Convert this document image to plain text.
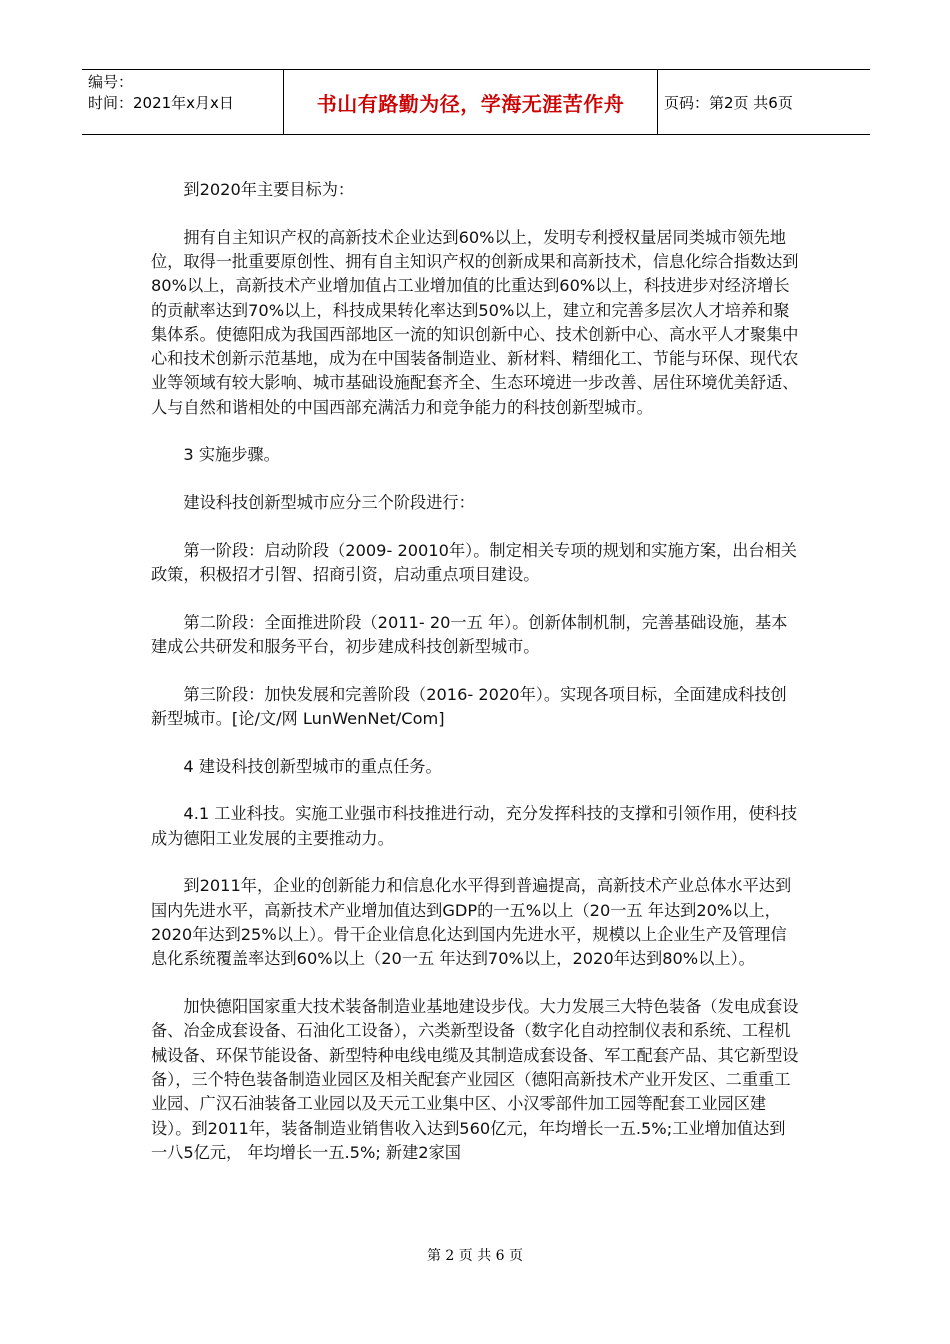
编号：
时间：2021年x月x日	书山有路勤为径，学海无涯苦作舟	页码：第2页 共6页

到2020年主要目标为：

拥有自主知识产权的高新技术企业达到60%以上，发明专利授权量居同类城市领先地位，取得一批重要原创性、拥有自主知识产权的创新成果和高新技术，信息化综合指数达到80%以上，高新技术产业增加值占工业增加值的比重达到60%以上，科技进步对经济增长的贡献率达到70%以上，科技成果转化率达到50%以上，建立和完善多层次人才培养和聚集体系。使德阳成为我国西部地区一流的知识创新中心、技术创新中心、高水平人才聚集中心和技术创新示范基地，成为在中国装备制造业、新材料、精细化工、节能与环保、现代农业等领域有较大影响、城市基础设施配套齐全、生态环境进一步改善、居住环境优美舒适、人与自然和谐相处的中国西部充满活力和竞争能力的科技创新型城市。

3 实施步骤。

建设科技创新型城市应分三个阶段进行：

第一阶段：启动阶段（2009- 20010年）。制定相关专项的规划和实施方案，出台相关政策，积极招才引智、招商引资，启动重点项目建设。

第二阶段：全面推进阶段（2011- 20一五 年）。创新体制机制，完善基础设施，基本建成公共研发和服务平台，初步建成科技创新型城市。

第三阶段：加快发展和完善阶段（2016- 2020年）。实现各项目标，全面建成科技创新型城市。[论/文/网 LunWenNet/Com]

4 建设科技创新型城市的重点任务。

4.1 工业科技。实施工业强市科技推进行动，充分发挥科技的支撑和引领作用，使科技成为德阳工业发展的主要推动力。

到2011年，企业的创新能力和信息化水平得到普遍提高，高新技术产业总体水平达到国内先进水平，高新技术产业增加值达到GDP的一五%以上（20一五 年达到20%以上，2020年达到25%以上）。骨干企业信息化达到国内先进水平，规模以上企业生产及管理信息化系统覆盖率达到60%以上（20一五 年达到70%以上，2020年达到80%以上）。

加快德阳国家重大技术装备制造业基地建设步伐。大力发展三大特色装备（发电成套设备、冶金成套设备、石油化工设备），六类新型设备（数字化自动控制仪表和系统、工程机械设备、环保节能设备、新型特种电线电缆及其制造成套设备、军工配套产品、其它新型设备），三个特色装备制造业园区及相关配套产业园区（德阳高新技术产业开发区、二重重工业园、广汉石油装备工业园以及天元工业集中区、小汉零部件加工园等配套工业园区建设）。到2011年，装备制造业销售收入达到560亿元，年均增长一五.5%;工业增加值达到一八5亿元， 年均增长一五.5%; 新建2家国

第 2 页 共 6 页
